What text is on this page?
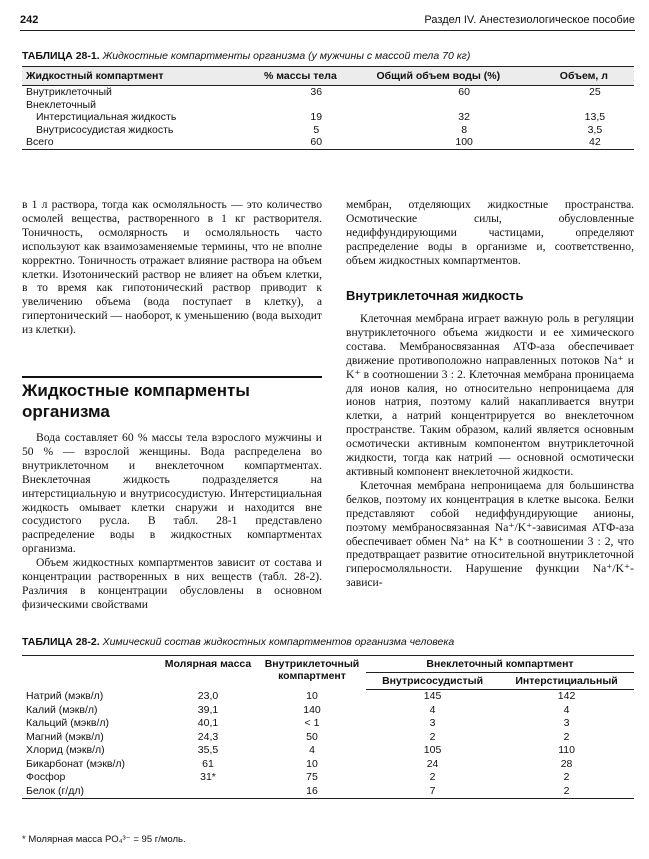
242	Раздел IV. Анестезиологическое пособие
ТАБЛИЦА 28-1. Жидкостные компартменты организма (у мужчины с массой тела 70 кг)
Жидкостный компартмент	% массы тела	Общий объем воды (%)	Объем, л
Внутриклеточный	36	60	25
Внеклеточный			
Интерстициальная жидкость	19	32	13,5
Внутрисосудистая жидкость	5	8	3,5
Всего	60	100	42

в 1 л раствора, тогда как осмоляльность — это количество осмолей вещества, растворенного в 1 кг растворителя. Тоничность, осмолярность и осмоляльность часто используют как взаимозаменяемые термины, что не вполне корректно. Тоничность отражает влияние раствора на объем клетки. Изотонический раствор не влияет на объем клетки, в то время как гипотонический раствор приводит к увеличению объема (вода поступает в клетку), а гипертонический — наоборот, к уменьшению (вода выходит из клетки).

Жидкостные компарменты организма

Вода составляет 60 % массы тела взрослого мужчины и 50 % — взрослой женщины. Вода распределена во внутриклеточном и внеклеточном компартментах. Внеклеточная жидкость подразделяется на интерстициальную и внутрисосудистую. Интерстициальная жидкость омывает клетки снаружи и находится вне сосудистого русла. В табл. 28-1 представлено распределение воды в жидкостных компартментах организма.

Объем жидкостных компартментов зависит от состава и концентрации растворенных в них веществ (табл. 28-2). Различия в концентрации обусловлены в основном физическими свойствами

мембран, отделяющих жидкостные пространства. Осмотические силы, обусловленные недиффундирующими частицами, определяют распределение воды в организме и, соответственно, объем жидкостных компартментов.

Внутриклеточная жидкость

Клеточная мембрана играет важную роль в регуляции внутриклеточного объема жидкости и ее химического состава. Мембраносвязанная АТФ-аза обеспечивает движение противоположно направленных потоков Na⁺ и K⁺ в соотношении 3 : 2. Клеточная мембрана проницаема для ионов калия, но относительно непроницаема для ионов натрия, поэтому калий накапливается внутри клетки, а натрий концентрируется во внеклеточном пространстве. Таким образом, калий является основным осмотически активным компонентом внутриклеточной жидкости, тогда как натрий — основной осмотически активный компонент внеклеточной жидкости.

Клеточная мембрана непроницаема для большинства белков, поэтому их концентрация в клетке высока. Белки представляют собой недиффундирующие анионы, поэтому мембраносвязанная Na⁺/K⁺-зависимая АТФ-аза обеспечивает обмен Na⁺ на K⁺ в соотношении 3 : 2, что предотвращает развитие относительной внутриклеточной гиперосмоляльности. Нарушение функции Na⁺/K⁺-зависи-

ТАБЛИЦА 28-2. Химический состав жидкостных компартментов организма человека
	Молярная масса	Внутриклеточный компартмент	Внеклеточный компартмент	
			Внутрисосудистый	Интерстициальный
Натрий (мэкв/л)	23,0	10	145	142
Калий (мэкв/л)	39,1	140	4	4
Кальций (мэкв/л)	40,1	< 1	3	3
Магний (мэкв/л)	24,3	50	2	2
Хлорид (мэкв/л)	35,5	4	105	110
Бикарбонат (мэкв/л)	61	10	24	28
Фосфор	31*	75	2	2
Белок (г/дл)		16	7	2
* Молярная масса PO₄³⁻ = 95 г/моль.
